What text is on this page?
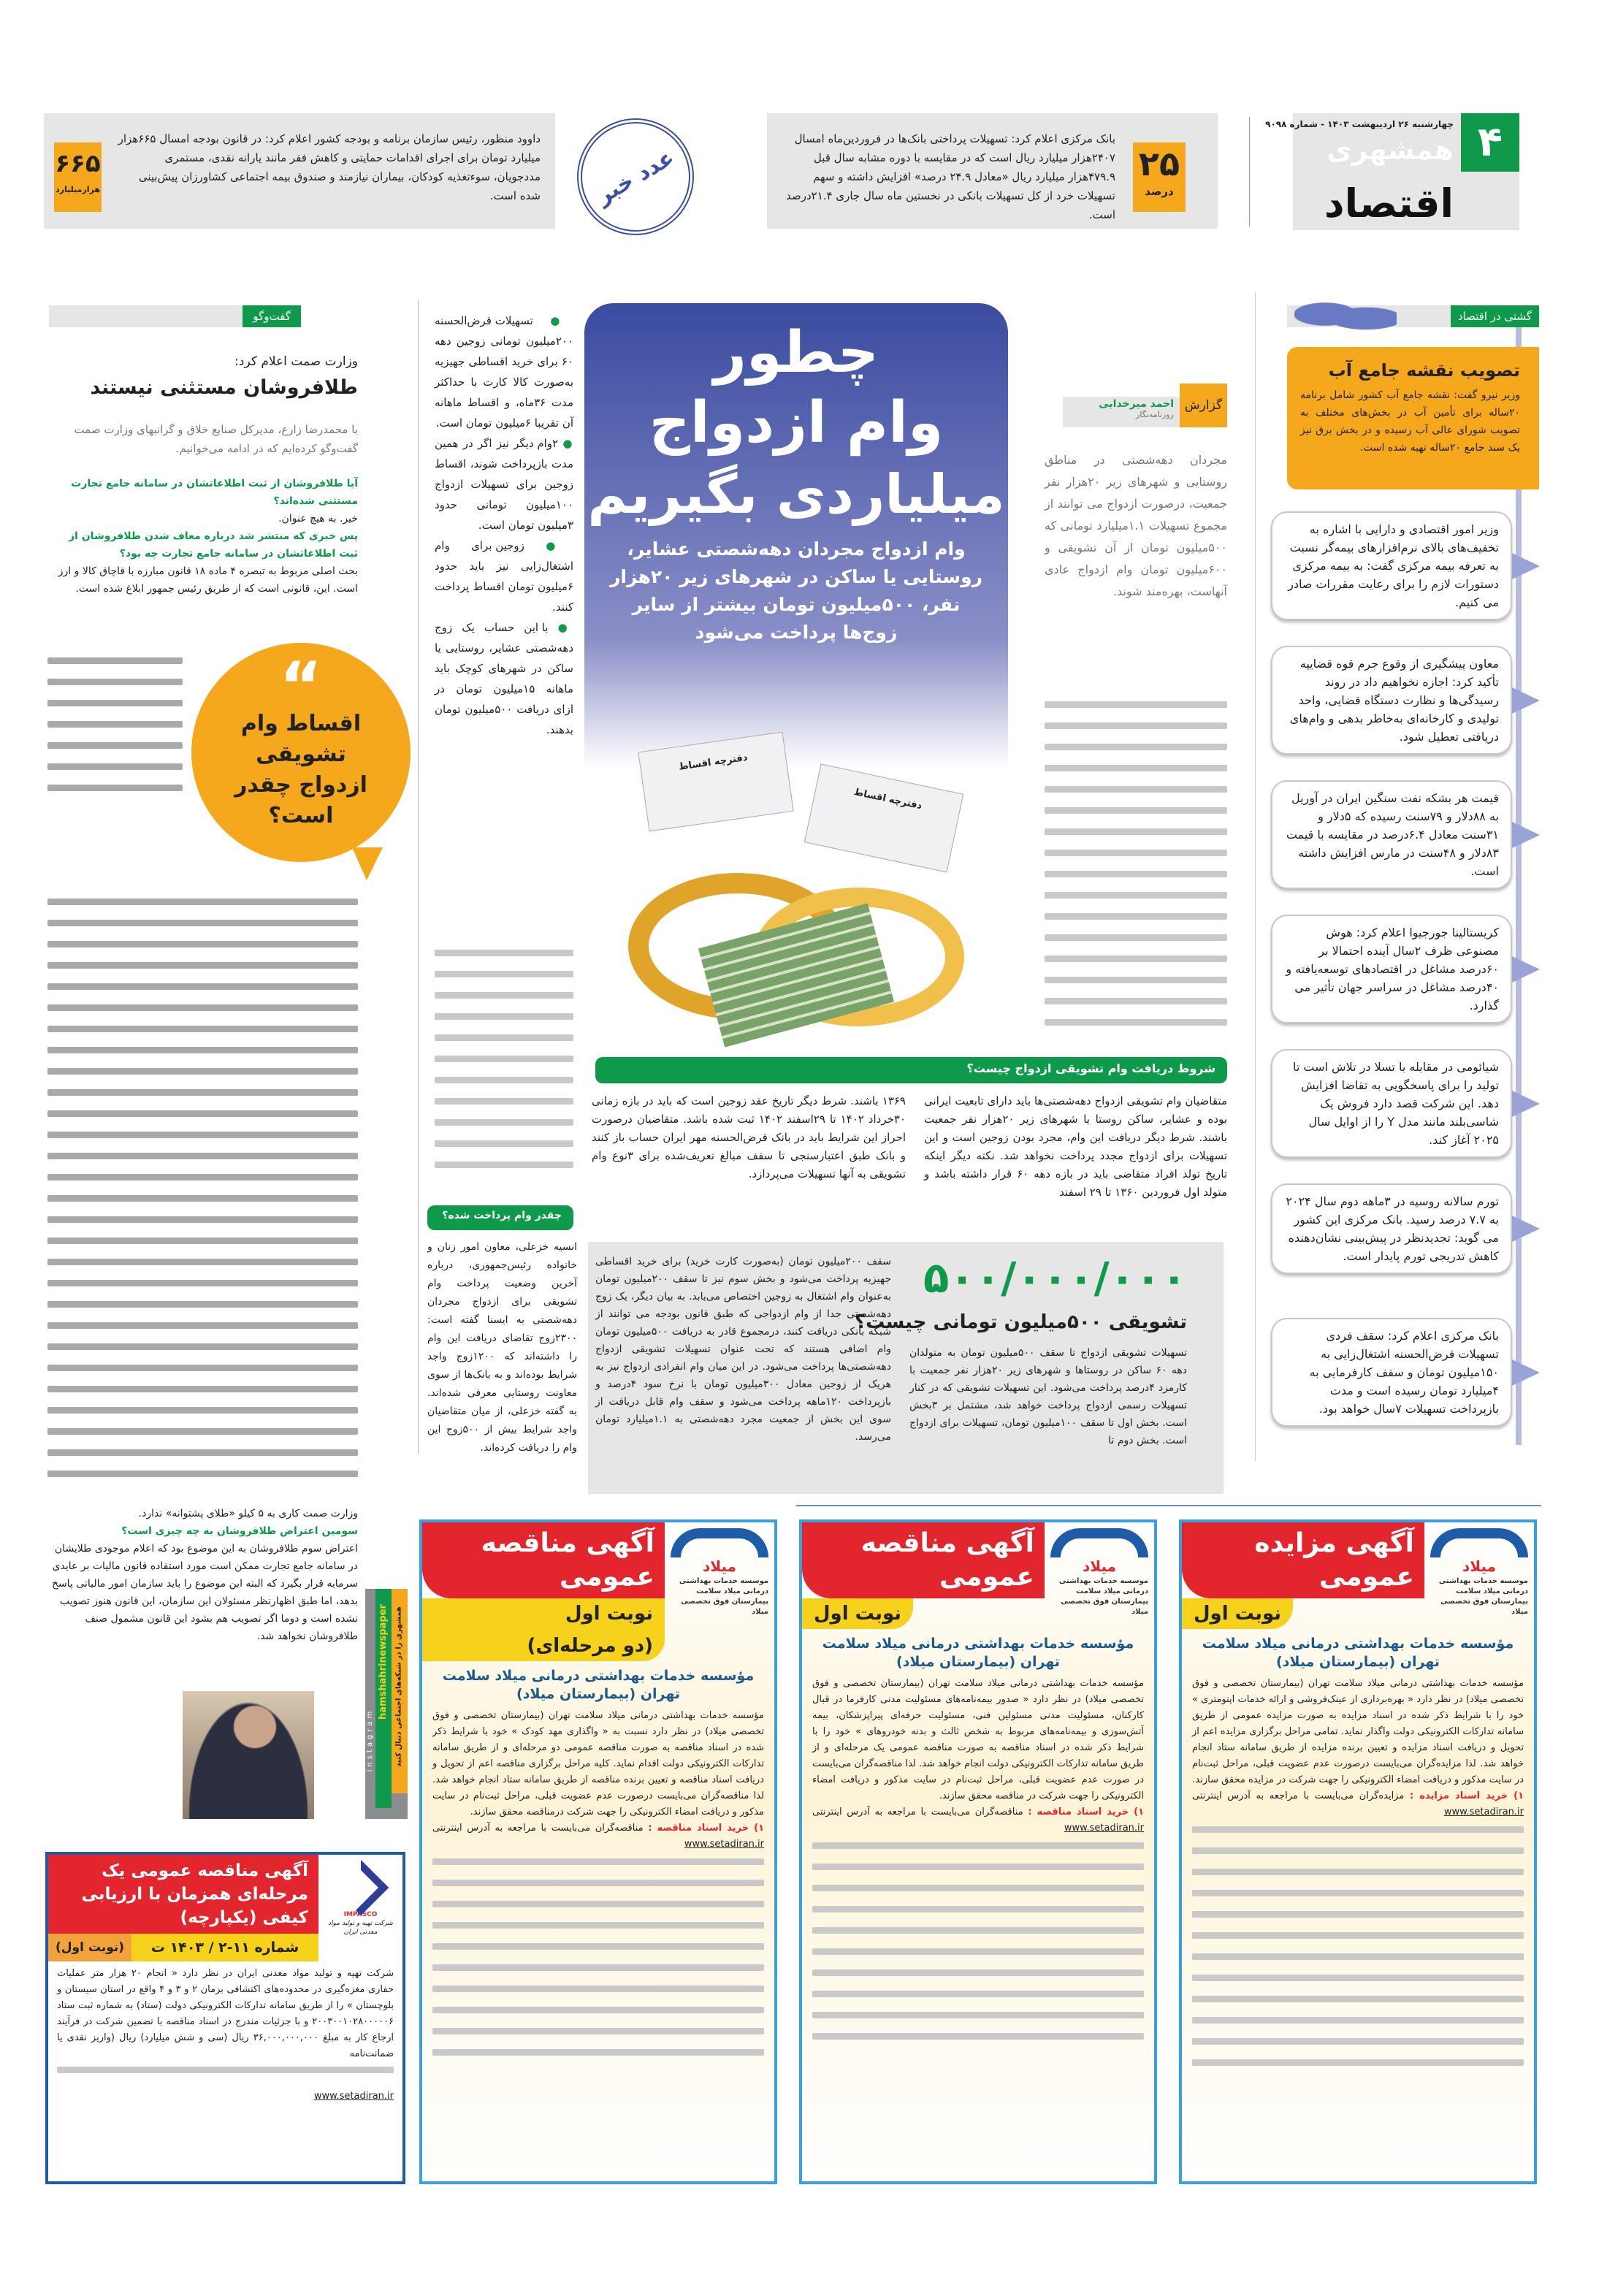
۴
چهارشنبه ۲۶ اردیبهشت ۱۴۰۳ - شماره ۹۰۹۸
همشهری
اقتصاد
۲۵
درصد
بانک مرکزی اعلام کرد: تسهیلات پرداختی بانک‌ها در فروردین‌ماه امسال ۲۴۰۷هزار میلیارد ریال است که در مقایسه با دوره مشابه سال قبل ۴۷۹.۹هزار میلیارد ریال «معادل ۲۴.۹ درصد» افزایش داشته و سهم تسهیلات خرد از کل تسهیلات بانکی در نخستین ماه سال جاری ۲۱.۴درصد است.
عدد خبر
۶۶۵
هزارمیلیارد
داوود منظور، رئیس سازمان برنامه و بودجه کشور اعلام کرد: در قانون بودجه امسال ۶۶۵هزار میلیارد تومان برای اجرای اقدامات حمایتی و کاهش فقر مانند یارانه نقدی، مستمری مددجویان، سوءتغذیه کودکان، بیماران نیازمند و صندوق بیمه اجتماعی کشاورزان پیش‌بینی شده است.
گشتی در اقتصاد
تصویب نقشه جامع آب
وزیر نیرو گفت: نقشه جامع آب کشور شامل برنامه ۲۰ساله برای تأمین آب در بخش‌های مختلف به تصویب شورای عالی آب رسیده و در بخش برق نیز یک سند جامع ۲۰ساله تهیه شده است.
وزیر امور اقتصادی و دارایی با اشاره به تخفیف‌های بالای نرم‌افزارهای بیمه‌گر نسبت به تعرفه بیمه مرکزی گفت: به بیمه مرکزی دستورات لازم را برای رعایت مقررات صادر می کنیم.
معاون پیشگیری از وقوع جرم قوه قضاییه تأکید کرد: اجازه نخواهیم داد در روند رسیدگی‌ها و نظارت دستگاه قضایی، واحد تولیدی و کارخانه‌ای به‌خاطر بدهی و وام‌های دریافتی تعطیل شود.
قیمت هر بشکه نفت سنگین ایران در آوریل به ۸۸دلار و ۷۹سنت رسیده که ۵دلار و ۳۱سنت معادل ۶.۴درصد در مقایسه با قیمت ۸۳دلار و ۴۸سنت در مارس افزایش داشته است.
کریستالینا جورجیوا اعلام کرد: هوش مصنوعی ظرف ۲سال آینده احتمالا بر ۶۰درصد مشاغل در اقتصادهای توسعه‌یافته و ۴۰درصد مشاغل در سراسر جهان تأثیر می گذارد.
شیائومی در مقابله با تسلا در تلاش است تا تولید را برای پاسخگویی به تقاضا افزایش دهد. این شرکت قصد دارد فروش یک شاسی‌بلند مانند مدل Y را از اوایل سال ۲۰۲۵ آغاز کند.
تورم سالانه روسیه در ۳ماهه دوم سال ۲۰۲۴ به ۷.۷ درصد رسید. بانک مرکزی این کشور می گوید: تجدیدنظر در پیش‌بینی نشان‌دهنده کاهش تدریجی تورم پایدار است.
بانک مرکزی اعلام کرد: سقف فردی تسهیلات قرض‌الحسنه اشتغال‌زایی به ۱۵۰میلیون تومان و سقف کارفرمایی به ۴میلیارد تومان رسیده است و مدت بازپرداخت تسهیلات ۷سال خواهد بود.
چطور
وام ازدواج
میلیاردی بگیریم
وام ازدواج مجردان دهه‌شصتی عشایر، روستایی یا ساکن در شهرهای زیر ۲۰هزار نفر، ۵۰۰میلیون تومان بیشتر از سایر زوج‌ها پرداخت می‌شود
دفترچه اقساط
دفترچه اقساط
گزارش
احمد میرخدایی
روزنامه‌نگار
مجردان دهه‌شصتی در مناطق روستایی و شهرهای زیر ۲۰هزار نفر جمعیت، درصورت ازدواج می توانند از مجموع تسهیلات ۱.۱میلیارد تومانی که ۵۰۰میلیون تومان از آن تشویقی و ۶۰۰میلیون تومان وام ازدواج عادی آنهاست، بهره‌مند شوند.

● تسهیلات قرض‌الحسنه ۲۰۰میلیون تومانی زوجین دهه ۶۰ برای خرید اقساطی جهیزیه به‌صورت کالا کارت با حداکثر مدت ۳۶ماه، و اقساط ماهانه آن تقریبا ۶میلیون تومان است.

● ۲وام دیگر نیز اگر در همین مدت بازپرداخت شوند، اقساط زوجین برای تسهیلات ازدواج ۱۰۰میلیون تومانی حدود ۳میلیون تومان است.

● زوجین برای وام اشتغال‌زایی نیز باید حدود ۶میلیون تومان اقساط پرداخت کنند.

● با این حساب یک زوج دهه‌شصتی عشایر، روستایی یا ساکن در شهرهای کوچک باید ماهانه ۱۵میلیون تومان در ازای دریافت ۵۰۰میلیون تومان بدهند.

“
اقساط وام تشویقی ازدواج چقدر است؟
شروط دریافت وام تشویقی ازدواج چیست؟
متقاضیان وام تشویقی ازدواج دهه‌شصتی‌ها باید دارای تابعیت ایرانی بوده و عشایر، ساکن روستا یا شهرهای زیر ۲۰هزار نفر جمعیت باشند. شرط دیگر دریافت این وام، مجرد بودن زوجین است و این تسهیلات برای ازدواج مجدد پرداخت نخواهد شد. نکته دیگر اینکه تاریخ تولد افراد متقاضی باید در بازه دهه ۶۰ قرار داشته باشد و متولد اول فروردین ۱۳۶۰ تا ۲۹ اسفند
۱۳۶۹ باشند. شرط دیگر تاریخ عقد زوجین است که باید در بازه زمانی ۳۰خرداد ۱۴۰۲ تا ۲۹اسفند ۱۴۰۲ ثبت شده باشد. متقاضیان درصورت احراز این شرایط باید در بانک قرض‌الحسنه مهر ایران حساب باز کنند و بانک طبق اعتبارسنجی تا سقف مبالغ تعریف‌شده برای ۳نوع وام تشویقی به آنها تسهیلات می‌پردازد.
چقدر وام پرداخت شده؟
انسیه خزعلی، معاون امور زنان و خانواده رئیس‌جمهوری، درباره آخرین وضعیت پرداخت وام تشویقی برای ازدواج مجردان دهه‌شصتی به ایسنا گفته است: ۲۳۰۰زوج تقاضای دریافت این وام را داشته‌اند که ۱۲۰۰زوج واجد شرایط بوده‌اند و به بانک‌ها از سوی معاونت روستایی معرفی شده‌اند. به گفته خزعلی، از میان متقاضیان واجد شرایط بیش از ۵۰۰زوج این وام را دریافت کرده‌اند.
۵۰۰/۰۰۰/۰۰۰
تشویقی ۵۰۰میلیون تومانی چیست؟
تسهیلات تشویقی ازدواج تا سقف ۵۰۰میلیون تومان به متولدان دهه ۶۰ ساکن در روستاها و شهرهای زیر ۲۰هزار نفر جمعیت با کارمزد ۴درصد پرداخت می‌شود. این تسهیلات تشویقی که در کنار تسهیلات رسمی ازدواج پرداخت خواهد شد، مشتمل بر ۳بخش است. بخش اول تا سقف ۱۰۰میلیون تومان، تسهیلات برای ازدواج است. بخش دوم تا
سقف ۲۰۰میلیون تومان (به‌صورت کارت خرید) برای خرید اقساطی جهیزیه پرداخت می‌شود و بخش سوم نیز تا سقف ۲۰۰میلیون تومان به‌عنوان وام اشتغال به زوجین اختصاص می‌یابد. به بیان دیگر، یک زوج دهه‌شصتی جدا از وام ازدواجی که طبق قانون بودجه می توانند از شبکه بانکی دریافت کنند، درمجموع قادر به دریافت ۵۰۰میلیون تومان وام اضافی هستند که تحت عنوان تسهیلات تشویقی ازدواج دهه‌شصتی‌ها پرداخت می‌شود. در این میان وام انفرادی ازدواج نیز به هریک از زوجین معادل ۳۰۰میلیون تومان با نرخ سود ۴درصد و بازپرداخت ۱۲۰ماهه پرداخت می‌شود و سقف وام قابل دریافت از سوی این بخش از جمعیت مجرد دهه‌شصتی به ۱.۱میلیارد تومان می‌رسد.
گفت‌وگو
وزارت صمت اعلام کرد:
طلافروشان مستثنی نیستند
با محمدرضا زارع، مدیرکل صنایع خلاق و گرانبهای وزارت صمت گفت‌وگو کرده‌ایم که در ادامه می‌خوانیم.
آیا طلافروشان از ثبت اطلاعاتشان در سامانه جامع تجارت مستثنی شده‌اند؟
خیر. به هیچ عنوان.
پس خبری که منتشر شد درباره معاف شدن طلافروشان از ثبت اطلاعاتشان در سامانه جامع تجارت چه بود؟
بحث اصلی مربوط به تبصره ۴ ماده ۱۸ قانون مبارزه با قاچاق کالا و ارز است. این، قانونی است که از طریق رئیس جمهور ابلاغ شده است.
وزارت صمت کاری به ۵ کیلو «طلای پشتوانه» ندارد.
سومین اعتراض طلافروشان به چه چیزی است؟
اعتراض سوم طلافروشان به این موضوع بود که اعلام موجودی طلایشان در سامانه جامع تجارت ممکن است مورد استفاده قانون مالیات بر عایدی سرمایه قرار بگیرد که البته این موضوع را باید سازمان امور مالیاتی پاسخ بدهد، اما طبق اظهارنظر مسئولان این سازمان، این قانون هنوز تصویب نشده است و دوما اگر تصویب هم بشود این قانون مشمول صنف طلافروشان نخواهد شد.
instagram
hamshahrinewspaper همشهری را در شبکه‌های اجتماعی دنبال کنید
میلاد
موسسه خدمات بهداشتی درمانی میلاد سلامت
بیمارستان فوق تخصصی میلاد
آگهی مزایده عمومی
نوبت اول
مؤسسه خدمات بهداشتی درمانی میلاد سلامت تهران (بیمارستان میلاد)
مؤسسه خدمات بهداشتی درمانی میلاد سلامت تهران (بیمارستان تخصصی و فوق تخصصی میلاد) در نظر دارد « بهره‌برداری از عینک‌فروشی و ارائه خدمات اپتومتری » خود را با شرایط ذکر شده در اسناد مزایده به صورت مزایده عمومی از طریق سامانه تدارکات الکترونیکی دولت واگذار نماید. تمامی مراحل برگزاری مزایده اعم از تحویل و دریافت اسناد مزایده و تعیین برنده مزایده از طریق سامانه ستاد انجام خواهد شد. لذا مزایده‌گران می‌بایست درصورت عدم عضویت قبلی، مراحل ثبت‌نام در سایت مذکور و دریافت امضاء الکترونیکی را جهت شرکت در مزایده محقق سازند.
۱) خرید اسناد مزایده : مزایده‌گران می‌بایست با مراجعه به آدرس اینترنتی www.setadiran.ir
میلاد
موسسه خدمات بهداشتی درمانی میلاد سلامت
بیمارستان فوق تخصصی میلاد
آگهی مناقصه عمومی
نوبت اول
مؤسسه خدمات بهداشتی درمانی میلاد سلامت تهران (بیمارستان میلاد)
مؤسسه خدمات بهداشتی درمانی میلاد سلامت تهران (بیمارستان تخصصی و فوق تخصصی میلاد) در نظر دارد « صدور بیمه‌نامه‌های مسئولیت مدنی کارفرما در قبال کارکنان، مسئولیت مدنی مسئولین فنی، مسئولیت حرفه‌ای پیراپزشکان، بیمه آتش‌سوزی و بیمه‌نامه‌های مربوط به شخص ثالث و بدنه خودروهای » خود را با شرایط ذکر شده در اسناد مناقصه به صورت مناقصه عمومی یک مرحله‌ای و از طریق سامانه تدارکات الکترونیکی دولت انجام خواهد شد. لذا مناقصه‌گران می‌بایست در صورت عدم عضویت قبلی، مراحل ثبت‌نام در سایت مذکور و دریافت امضاء الکترونیکی را جهت شرکت در مناقصه محقق سازند.
۱) خرید اسناد مناقصه : مناقصه‌گران می‌بایست با مراجعه به آدرس اینترنتی www.setadiran.ir
میلاد
موسسه خدمات بهداشتی درمانی میلاد سلامت
بیمارستان فوق تخصصی میلاد
آگهی مناقصه عمومی
نوبت اول
(دو مرحله‌ای)
مؤسسه خدمات بهداشتی درمانی میلاد سلامت تهران (بیمارستان میلاد)
مؤسسه خدمات بهداشتی درمانی میلاد سلامت تهران (بیمارستان تخصصی و فوق تخصصی میلاد) در نظر دارد نسبت به « واگذاری مهد کودک » خود با شرایط ذکر شده در اسناد مناقصه به صورت مناقصه عمومی دو مرحله‌ای و از طریق سامانه تدارکات الکترونیکی دولت اقدام نماید. کلیه مراحل برگزاری مناقصه اعم از تحویل و دریافت اسناد مناقصه و تعیین برنده مناقصه از طریق سامانه ستاد انجام خواهد شد. لذا مناقصه‌گران می‌بایست درصورت عدم عضویت قبلی، مراحل ثبت‌نام در سایت مذکور و دریافت امضاء الکترونیکی را جهت شرکت درمناقصه محقق سازند.
۱) خرید اسناد مناقصه : مناقصه‌گران می‌بایست با مراجعه به آدرس اینترنتی www.setadiran.ir
IMPASCO
شرکت تهیه و تولید مواد معدنی ایران
آگهی مناقصه عمومی یک مرحله‌ای همزمان با ارزیابی کیفی (یکپارچه)
شماره ۱۱-۲ / ۱۴۰۳ ت
(نوبت اول)
شرکت تهیه و تولید مواد معدنی ایران در نظر دارد « انجام ۲۰ هزار متر عملیات حفاری مغزه‌گیری در محدوده‌های اکتشافی بزمان ۲ و ۳ و ۴ واقع در استان سیستان و بلوچستان » را از طریق سامانه تدارکات الکترونیکی دولت (ستاد) به شماره ثبت ستاد ۲۰۰۳۰۰۱۰۲۸۰۰۰۰۰۶ و با جزئیات مندرج در اسناد مناقصه با تضمین شرکت در فرآیند ارجاع کار به مبلغ ۳۶,۰۰۰,۰۰۰,۰۰۰ ریال (سی و شش میلیارد) ریال (واریز نقدی یا ضمانت‌نامه
www.setadiran.ir
